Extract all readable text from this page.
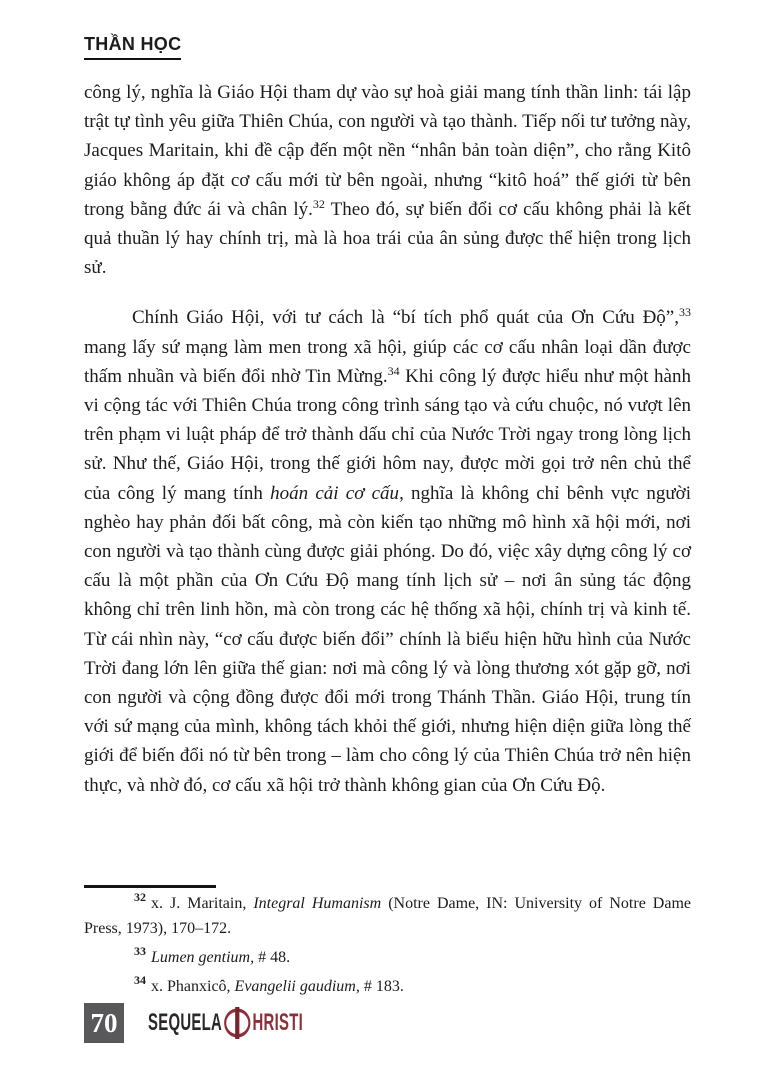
THẦN HỌC

công lý, nghĩa là Giáo Hội tham dự vào sự hoà giải mang tính thần linh: tái lập trật tự tình yêu giữa Thiên Chúa, con người và tạo thành. Tiếp nối tư tưởng này, Jacques Maritain, khi đề cập đến một nền “nhân bản toàn diện”, cho rằng Kitô giáo không áp đặt cơ cấu mới từ bên ngoài, nhưng “kitô hoá” thế giới từ bên trong bằng đức ái và chân lý.$^{32}$ Theo đó, sự biến đổi cơ cấu không phải là kết quả thuần lý hay chính trị, mà là hoa trái của ân sủng được thể hiện trong lịch sử.

Chính Giáo Hội, với tư cách là “bí tích phổ quát của Ơn Cứu Độ”,$^{33}$ mang lấy sứ mạng làm men trong xã hội, giúp các cơ cấu nhân loại dần được thấm nhuần và biến đổi nhờ Tin Mừng.$^{34}$ Khi công lý được hiểu như một hành vi cộng tác với Thiên Chúa trong công trình sáng tạo và cứu chuộc, nó vượt lên trên phạm vi luật pháp để trở thành dấu chỉ của Nước Trời ngay trong lòng lịch sử. Như thế, Giáo Hội, trong thế giới hôm nay, được mời gọi trở nên chủ thể của công lý mang tính hoán cải cơ cấu, nghĩa là không chỉ bênh vực người nghèo hay phản đối bất công, mà còn kiến tạo những mô hình xã hội mới, nơi con người và tạo thành cùng được giải phóng. Do đó, việc xây dựng công lý cơ cấu là một phần của Ơn Cứu Độ mang tính lịch sử – nơi ân sủng tác động không chỉ trên linh hồn, mà còn trong các hệ thống xã hội, chính trị và kinh tế. Từ cái nhìn này, “cơ cấu được biến đổi” chính là biểu hiện hữu hình của Nước Trời đang lớn lên giữa thế gian: nơi mà công lý và lòng thương xót gặp gỡ, nơi con người và cộng đồng được đổi mới trong Thánh Thần. Giáo Hội, trung tín với sứ mạng của mình, không tách khỏi thế giới, nhưng hiện diện giữa lòng thế giới để biến đổi nó từ bên trong – làm cho công lý của Thiên Chúa trở nên hiện thực, và nhờ đó, cơ cấu xã hội trở thành không gian của Ơn Cứu Độ.

$^{32}$ x. J. Maritain, Integral Humanism (Notre Dame, IN: University of Notre Dame Press, 1973), 170–172.

$^{33}$ Lumen gentium, # 48.

$^{34}$ x. Phanxicô, Evangelii gaudium, # 183.

70 SEQUELA HRISTI
